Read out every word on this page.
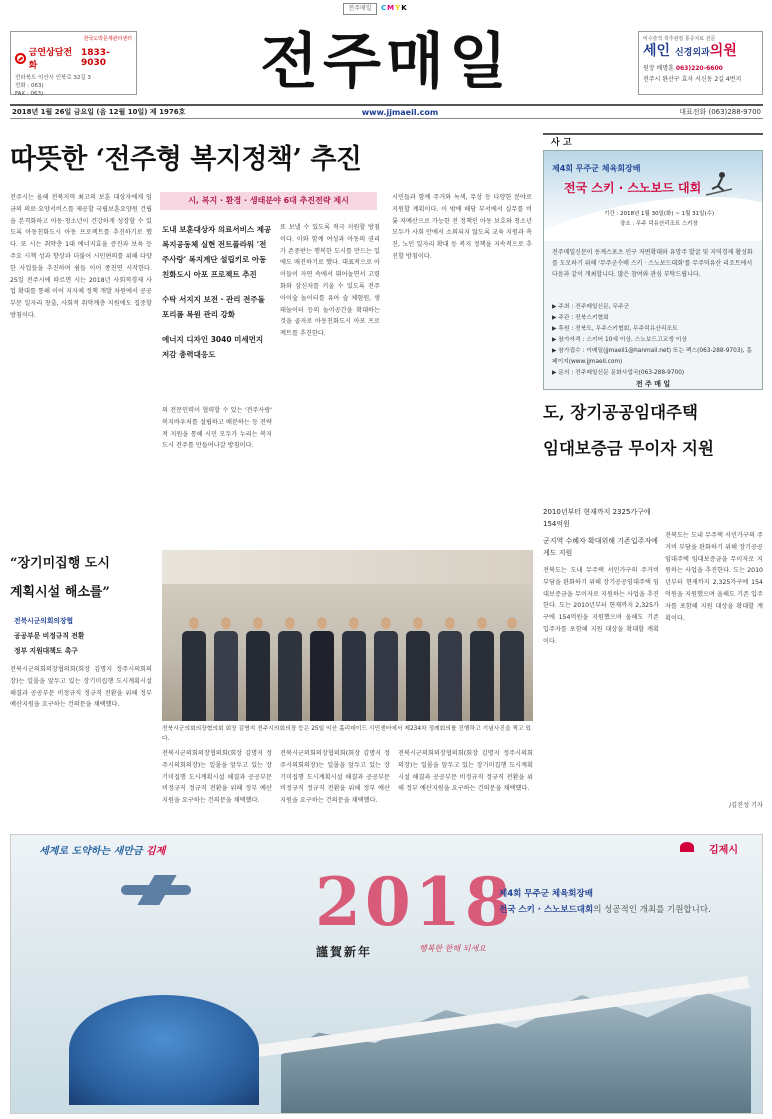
전주매일	CMYK
한국도박문제관리센터
금연상담전화
1833-9030
전라북도 익산시 인북로 32길 3
전화 : 063)
FAX : 063)	전주매일	비수술적 척추관절 통증치료 전문
세인 신경외과의원
원장 배명훈 063)220-6600
전주시 완산구 효자 서신동 2길 4번지
2018년 1월 26일 금요일 (음 12월 10일) 제 1976호	www.jjmaeil.com	대표전화 (063)288-9700
따뜻한 ‘전주형 복지정책’ 추진
전주시는 올해 전북지역 최고의 보훈 대상자에게 임금의 의료·요양서비스를 제공할 국립보훈요양원 건립을 본격화하고 아동·청소년이 건강하게 성장할 수 있도록 아동친화도시 아동 프로젝트를 추진하기로 했다. 또 시는 취약층 1대 에너지효율 증진과 보육 등 주요 시책 성과 향상과 더불어 시민편의를 위해 다양한 사업들을 추진하며 쉼들 이어 종친연 시작한다. 25일 전주시에 따르면 시는 2018년 사회적경제 사업 확대를 통해 이어 지자체 정책 개발 차원에서 공공부문 일자리 창출, 사회적 취약계층 지원에도 집중할 방침이다.
시, 복지 · 환경 · 생태분야 6대 추진전략 제시

도내 보훈대상자 의료서비스 제공 복지공동체 실현 전트플라워 '전주사랑' 복지계단 설립키로 아동친화도시 아포 프로젝트 추진

수탁 서지지 보전 · 관리 전주돌포리폼 복원 관리 강화

에너지 디자인 3040 미세먼지 저감 총력대응도

의 전문인력이 협력할 수 있는 '전주사랑' 복지바우처를 설립하고 배분하는 등 전략적 지원을 통해 시민 모두가 누리는 복지도시 전주를 만들어나갈 방침이다.
또 보낼 수 있도록 적극 지원할 방침이다. 이와 함께 여성과 아동의 권리가 존중받는 행복한 도시를 만드는 일에도 매진하기로 했다. 대표적으로 아이들이 자연 속에서 뛰어놀면서 고령화와 삼신저를 키울 수 있도록 전주 아이숲 놀이터를 유아 숲 체험원, 생태놀이터 등의 놀이공간을 확대하는 것을 골자로 아동친화도시 아포 프로젝트를 추진한다.
시민들과 함께 주거와 녹색, 무상 등 다양한 분야로 지원할 계획이다. 이 밖에 해당 부서에서 실무를 비롯 저예산으로 가능한 전 정책인 아동 보호와 청소년 모두가 사회 안에서 소외되지 않도록 교육 지원과 촉진, 노인 일자리 확대 등 복지 정책을 지속적으로 추진할 방침이다.
사 고
제4회 무주군 체육회장배
전국 스키 · 스노보드 대회
기간 : 2018년 1월 30일(화) ~ 1월 31일(수)
장소 : 무주 덕유산리조트 스키장
전주매일신문이 동계스포츠 인구 저변확대와 유망주 발굴 및 지역경제 활성화를 도모하기 위해 '무주군수배 스키 · 스노보드대회'를 무주덕유산 리조트에서 다음과 같이 개최합니다. 많은 참여와 관심 부탁드립니다.
▶ 주최 : 전주매일신문, 무주군
▶ 주관 : 전북스키협회
▶ 후원 : 전북도, 무주스키협회, 무주덕유산리조트
▶ 참가자격 : 스키어 10세 이상, 스노보드고교생 이상
▶ 참가접수 : 이메일(jjmaeil1@hanmail.net) 또는 팩스(063-288-9703), 홈페이지(www.jjmaeil.com)
▶ 문의 : 전주매일신문 문화사업국(063-288-9700)
전 주 매 일
도, 장기공공임대주택
임대보증금 무이자 지원

2010년부터 현재까지 2325가구에 154억원

군지역 수혜자 확대위해 기존입주자에게도 지원

전북도는 도내 무주택 서민가구의 주거비 부담을 완화하기 위해 장기공공임대주택 임대보증금을 무이자로 지원하는 사업을 추진한다. 도는 2010년부터 현재까지 2,325가구에 154억원을 지원했으며 올해도 기존 입주자를 포함해 지원 대상을 확대할 계획이다.
전북도는 도내 무주택 서민가구의 주거비 부담을 완화하기 위해 장기공공임대주택 임대보증금을 무이자로 지원하는 사업을 추진한다. 도는 2010년부터 현재까지 2,325가구에 154억원을 지원했으며 올해도 기존 입주자를 포함해 지원 대상을 확대할 계획이다.
/김진성 기자
“장기미집행 도시
계획시설 해소를”
전북시군의회의장협
공공부문 비정규직 전환
정부 지원대책도 촉구
전북시군의회의장협의회(회장 김명지 정주시의회의장)는 일몰을 앞두고 있는 장기미집행 도시계획시설 해결과 공공부문 비정규직 정규직 전환을 위해 정부 예산지원을 요구하는 건의문을 채택했다.
전북시군의회의장협의회 회장 김명지 전주시의회의장 등은 25일 익산 홀리데이드 시민센터에서 제234차 정례회의를 진행하고 기념사진을 찍고 있다.
전북시군의회의장협의회(회장 김명지 정주시의회의장)는 일몰을 앞두고 있는 장기미집행 도시계획시설 해결과 공공부문 비정규직 정규직 전환을 위해 정부 예산지원을 요구하는 건의문을 채택했다.
전북시군의회의장협의회(회장 김명지 정주시의회의장)는 일몰을 앞두고 있는 장기미집행 도시계획시설 해결과 공공부문 비정규직 정규직 전환을 위해 정부 예산지원을 요구하는 건의문을 채택했다.
전북시군의회의장협의회(회장 김명지 정주시의회의장)는 일몰을 앞두고 있는 장기미집행 도시계획시설 해결과 공공부문 비정규직 정규직 전환을 위해 정부 예산지원을 요구하는 건의문을 채택했다.
세계로 도약하는 새만금 김제	김제시
2018
謹賀新年	행복한 한해 되세요
제4회 무주군 체육회장배
전국 스키 · 스노보드대회의 성공적인 개최를 기원합니다.
